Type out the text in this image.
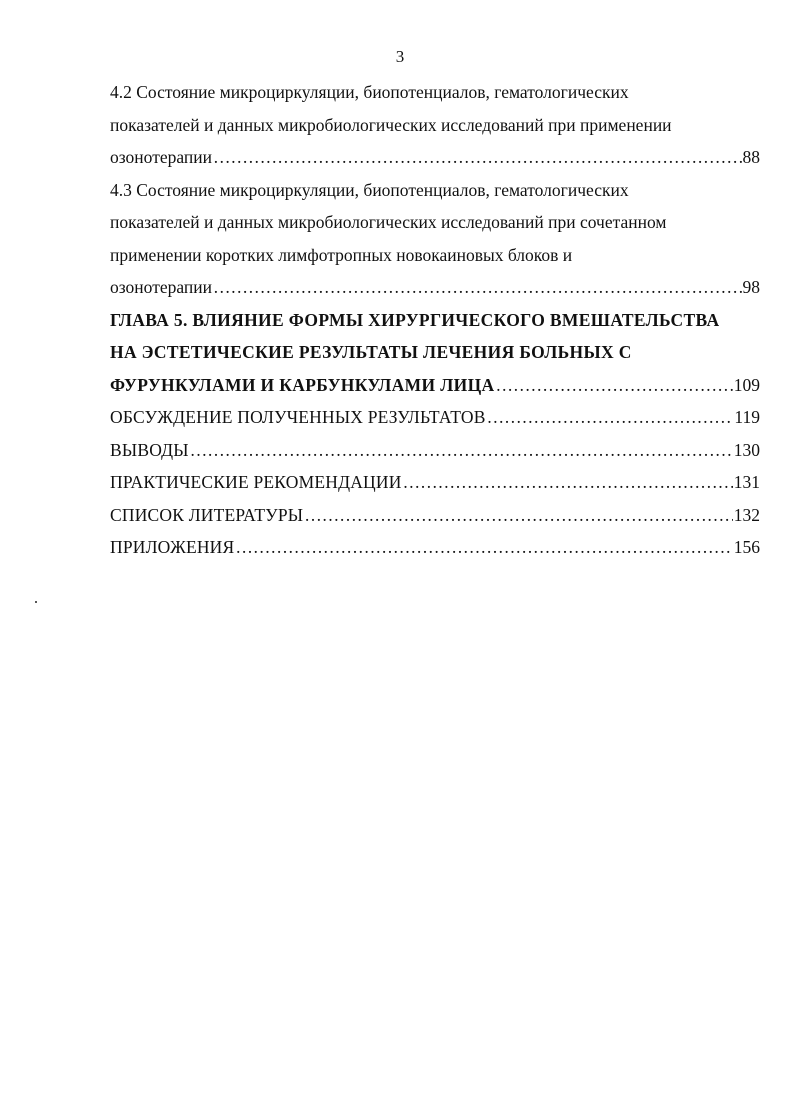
3
4.2 Состояние микроциркуляции, биопотенциалов, гематологических
показателей и данных микробиологических исследований при применении
озонотерапии ………………………………………………………………………………………………………………………………………………………………………………	88
4.3 Состояние микроциркуляции, биопотенциалов, гематологических
показателей и данных микробиологических исследований при сочетанном
применении коротких лимфотропных новокаиновых блоков и
озонотерапии ………………………………………………………………………………………………………………………………………………………………………………	98
ГЛАВА 5. ВЛИЯНИЕ ФОРМЫ ХИРУРГИЧЕСКОГО ВМЕШАТЕЛЬСТВА
НА ЭСТЕТИЧЕСКИЕ РЕЗУЛЬТАТЫ ЛЕЧЕНИЯ БОЛЬНЫХ С
ФУРУНКУЛАМИ И КАРБУНКУЛАМИ ЛИЦА ………………………………………………………………………………………………………………………………………………………………………………	109
ОБСУЖДЕНИЕ ПОЛУЧЕННЫХ РЕЗУЛЬТАТОВ ………………………………………………………………………………………………………………………………………………………………………………	119
ВЫВОДЫ ………………………………………………………………………………………………………………………………………………………………………………	130
ПРАКТИЧЕСКИЕ РЕКОМЕНДАЦИИ ………………………………………………………………………………………………………………………………………………………………………………	131
СПИСОК ЛИТЕРАТУРЫ ………………………………………………………………………………………………………………………………………………………………………………	132
ПРИЛОЖЕНИЯ ………………………………………………………………………………………………………………………………………………………………………………	156
